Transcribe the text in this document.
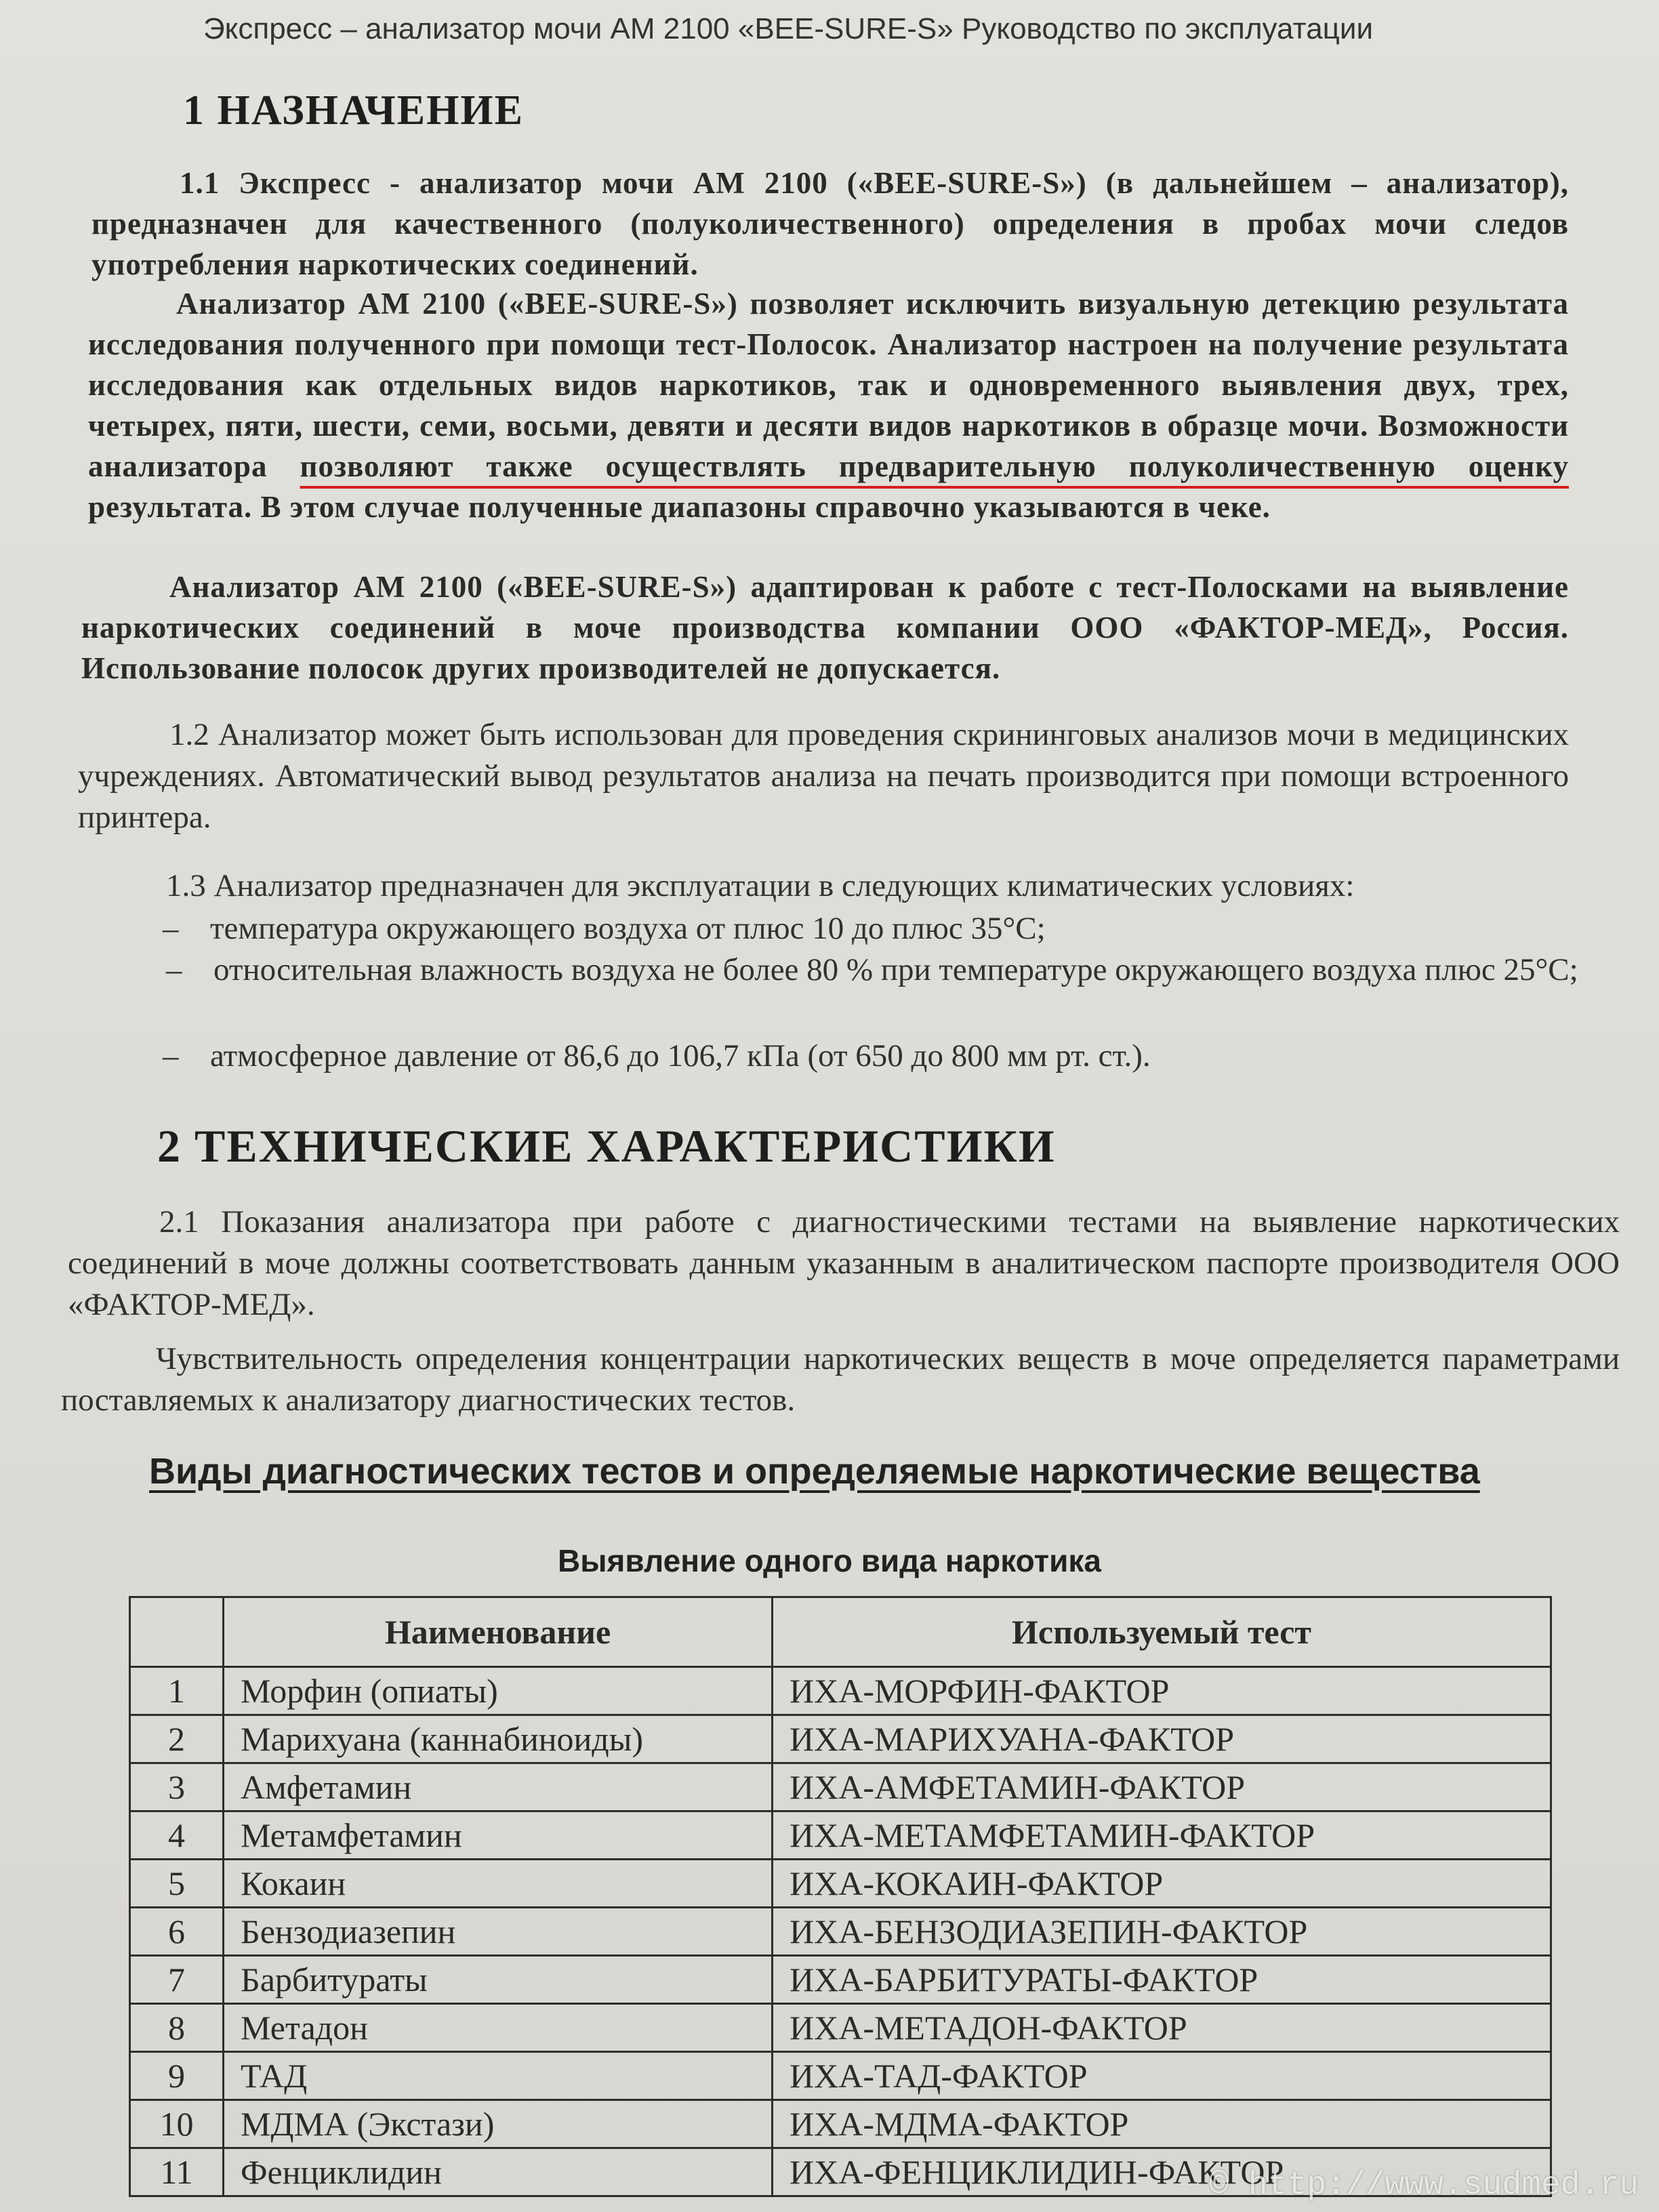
Экспресс – анализатор мочи АМ 2100 «BEE-SURE-S» Руководство по эксплуатации
1 НАЗНАЧЕНИЕ
1.1 Экспресс - анализатор мочи АМ 2100 («BEE-SURE-S») (в дальнейшем – анализатор), предназначен для качественного (полуколичественного) определения в пробах мочи следов употребления наркотических соединений.
Анализатор АМ 2100 («BEE-SURE-S») позволяет исключить визуальную детекцию результата исследования полученного при помощи тест-Полосок. Анализатор настроен на получение результата исследования как отдельных видов наркотиков, так и одновременного выявления двух, трех, четырех, пяти, шести, семи, восьми, девяти и десяти видов наркотиков в образце мочи. Возможности анализатора позволяют также осуществлять предварительную полуколичественную оценку результата. В этом случае полученные диапазоны справочно указываются в чеке.
Анализатор АМ 2100 («BEE-SURE-S») адаптирован к работе с тест-Полосками на выявление наркотических соединений в моче производства компании ООО «ФАКТОР-МЕД», Россия. Использование полосок других производителей не допускается.
1.2 Анализатор может быть использован для проведения скрининговых анализов мочи в медицинских учреждениях. Автоматический вывод результатов анализа на печать производится при помощи встроенного принтера.
1.3 Анализатор предназначен для эксплуатации в следующих климатических условиях:
– температура окружающего воздуха от плюс 10 до плюс 35°С;
– относительная влажность воздуха не более 80 % при температуре окружающего воздуха плюс 25°С;
– атмосферное давление от 86,6 до 106,7 кПа (от 650 до 800 мм рт. ст.).
2 ТЕХНИЧЕСКИЕ ХАРАКТЕРИСТИКИ
2.1 Показания анализатора при работе с диагностическими тестами на выявление наркотических соединений в моче должны соответствовать данным указанным в аналитическом паспорте производителя ООО «ФАКТОР-МЕД».
Чувствительность определения концентрации наркотических веществ в моче определяется параметрами поставляемых к анализатору диагностических тестов.
Виды диагностических тестов и определяемые наркотические вещества
Выявление одного вида наркотика
	Наименование	Используемый тест
1	Морфин (опиаты)	ИХА-МОРФИН-ФАКТОР
2	Марихуана (каннабиноиды)	ИХА-МАРИХУАНА-ФАКТОР
3	Амфетамин	ИХА-АМФЕТАМИН-ФАКТОР
4	Метамфетамин	ИХА-МЕТАМФЕТАМИН-ФАКТОР
5	Кокаин	ИХА-КОКАИН-ФАКТОР
6	Бензодиазепин	ИХА-БЕНЗОДИАЗЕПИН-ФАКТОР
7	Барбитураты	ИХА-БАРБИТУРАТЫ-ФАКТОР
8	Метадон	ИХА-МЕТАДОН-ФАКТОР
9	ТАД	ИХА-ТАД-ФАКТОР
10	МДМА (Экстази)	ИХА-МДМА-ФАКТОР
11	Фенциклидин	ИХА-ФЕНЦИКЛИДИН-ФАКТОР
© http://www.sudmed.ru
